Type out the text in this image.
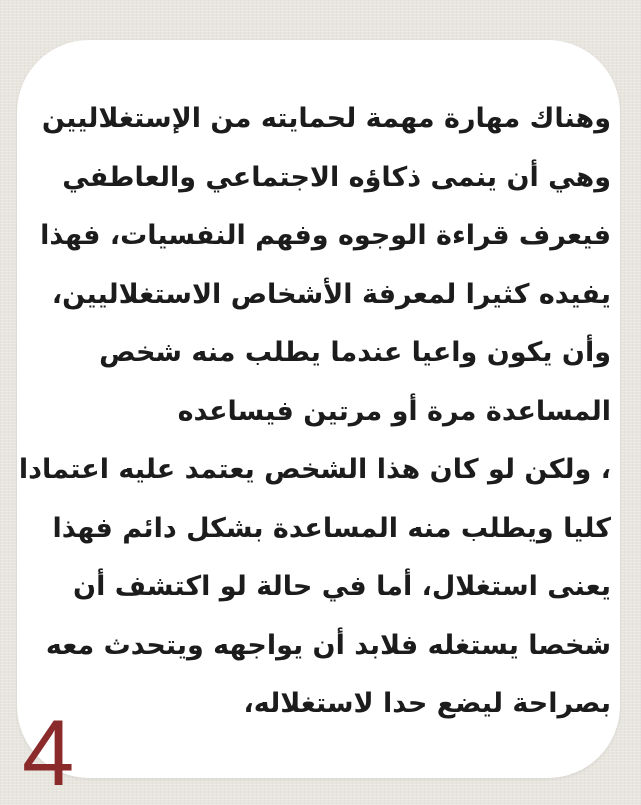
وهناك مهارة مهمة لحمايته من الإستغلاليين
وهي أن ينمى ذكاؤه الاجتماعي والعاطفي
فيعرف قراءة الوجوه وفهم النفسيات، فهذا
يفيده كثيرا لمعرفة الأشخاص الاستغلاليين،
وأن يكون واعيا عندما يطلب منه شخص
المساعدة مرة أو مرتين فيساعده
، ولكن لو كان هذا الشخص يعتمد عليه اعتمادا
كليا ويطلب منه المساعدة بشكل دائم فهذا
يعنى استغلال، أما في حالة لو اكتشف أن
شخصا يستغله فلابد أن يواجهه ويتحدث معه
بصراحة ليضع حدا لاستغلاله،
4
